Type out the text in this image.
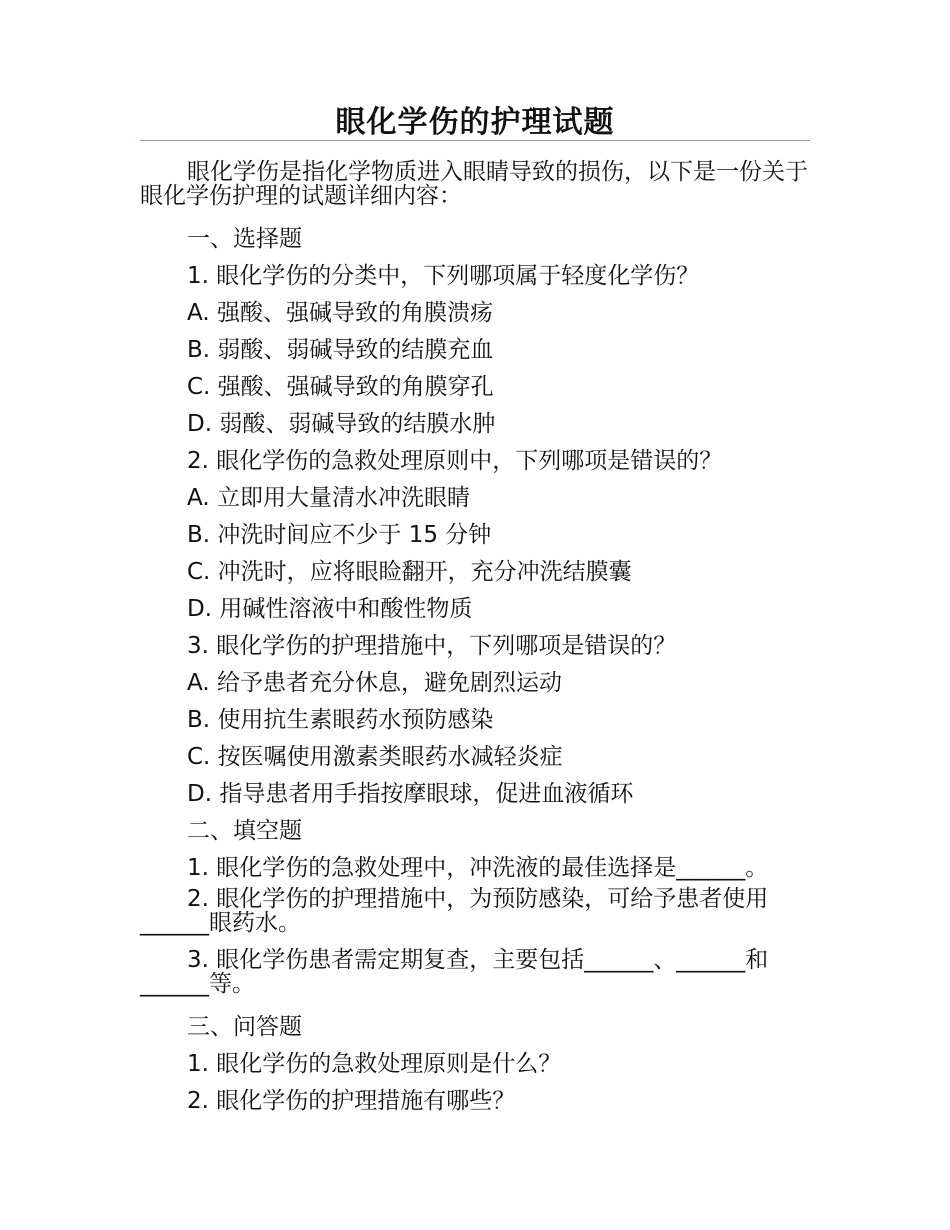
眼化学伤的护理试题

眼化学伤是指化学物质进入眼睛导致的损伤，以下是一份关于眼化学伤护理的试题详细内容：

一、选择题

1. 眼化学伤的分类中，下列哪项属于轻度化学伤？

A. 强酸、强碱导致的角膜溃疡

B. 弱酸、弱碱导致的结膜充血

C. 强酸、强碱导致的角膜穿孔

D. 弱酸、弱碱导致的结膜水肿

2. 眼化学伤的急救处理原则中，下列哪项是错误的？

A. 立即用大量清水冲洗眼睛

B. 冲洗时间应不少于 15 分钟

C. 冲洗时，应将眼睑翻开，充分冲洗结膜囊

D. 用碱性溶液中和酸性物质

3. 眼化学伤的护理措施中，下列哪项是错误的？

A. 给予患者充分休息，避免剧烈运动

B. 使用抗生素眼药水预防感染

C. 按医嘱使用激素类眼药水减轻炎症

D. 指导患者用手指按摩眼球，促进血液循环

二、填空题

1. 眼化学伤的急救处理中，冲洗液的最佳选择是______。

2. 眼化学伤的护理措施中，为预防感染，可给予患者使用______眼药水。

3. 眼化学伤患者需定期复查，主要包括______、______和______等。

三、问答题

1. 眼化学伤的急救处理原则是什么？

2. 眼化学伤的护理措施有哪些？
